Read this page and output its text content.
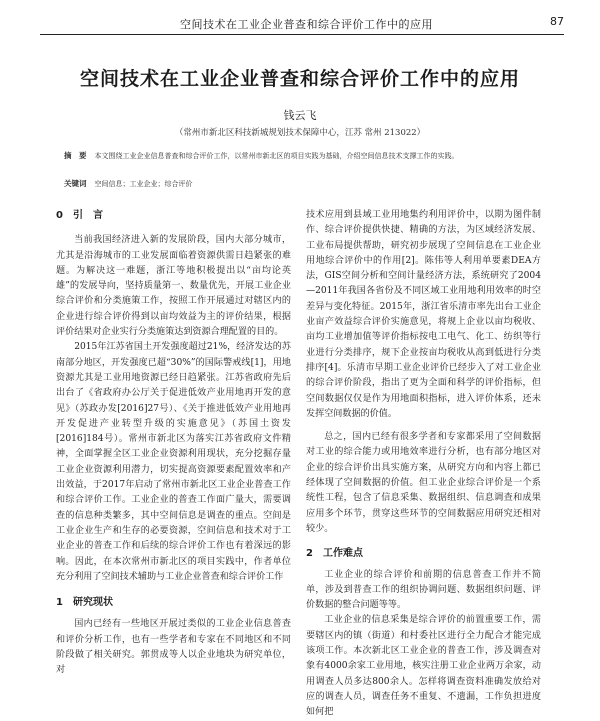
空间技术在工业企业普查和综合评价工作中的应用	87
空间技术在工业企业普查和综合评价工作中的应用
钱云飞
（常州市新北区科技新城规划技术保障中心，江苏 常州 213022）
摘　要 本文围绕工业企业信息普查和综合评价工作，以常州市新北区的项目实践为基础，介绍空间信息技术支撑工作的实践。
关键词 空间信息；工业企业；综合评价
0　引　言

当前我国经济进入新的发展阶段，国内大部分城市，尤其是沿海城市的工业发展面临着资源供需日趋紧张的难题。为解决这一难题，浙江等地积极提出以“亩均论英雄”的发展导向，坚持质量第一、数量优先，开展工业企业综合评价和分类施策工作，按照工作开展通过对辖区内的企业进行综合评价得到以亩均效益为主的评价结果，根据评价结果对企业实行分类施策达到资源合理配置的目的。

2015年江苏省国土开发强度超过21%，经济发达的苏南部分地区，开发强度已超“30%”的国际警戒线[1]，用地资源尤其是工业用地资源已经日趋紧张。江苏省政府先后出台了《省政府办公厅关于促进低效产业用地再开发的意见》（苏政办发[2016]27号）、《关于推进低效产业用地再开发促进产业转型升级的实施意见》（苏国土资发[2016]184号）。常州市新北区为落实江苏省政府文件精神，全面掌握全区工业企业资源利用现状，充分挖掘存量工业企业资源利用潜力，切实提高资源要素配置效率和产出效益，于2017年启动了常州市新北区工业企业普查工作和综合评价工作。工业企业的普查工作面广量大，需要调查的信息种类繁多，其中空间信息是调查的重点。空间是工业企业生产和生存的必要资源，空间信息和技术对于工业企业的普查工作和后续的综合评价工作也有着深远的影响。因此，在本次常州市新北区的项目实践中，作者单位充分利用了空间技术辅助与工业企业普查和综合评价工作

1　研究现状

国内已经有一些地区开展过类似的工业企业信息普查和评价分析工作，也有一些学者和专家在不同地区和不同阶段做了相关研究。郭贯成等人以企业地块为研究单位，对

技术应用到县域工业用地集约利用评价中，以期为图件制作、综合评价提供快捷、精确的方法，为区域经济发展、工业布局提供帮助，研究初步展现了空间信息在工业企业用地综合评价中的作用[2]。陈伟等人利用单要素DEA方法，GIS空间分析和空间计量经济方法，系统研究了2004—2011年我国各省份及不同区域工业用地利用效率的时空差异与变化特征。2015年，浙江省乐清市率先出台工业企业亩产效益综合评价实施意见，将规上企业以亩均税收、亩均工业增加值等评价指标按电工电气、化工、纺织等行业进行分类排序，规下企业按亩均税收从高到低进行分类排序[4]。乐清市早期工业企业评价已经步入了对工业企业的综合评价阶段，指出了更为全面和科学的评价指标，但空间数据仅仅是作为用地面积指标，进入评价体系，还未发挥空间数据的价值。

总之，国内已经有很多学者和专家都采用了空间数据对工业的综合能力或用地效率进行分析，也有部分地区对企业的综合评价出具实施方案，从研究方向和内容上都已经体现了空间数据的价值。但工业企业综合评价是一个系统性工程，包含了信息采集、数据组织、信息调查和成果应用多个环节，贯穿这些环节的空间数据应用研究还相对较少。

2　工作难点

工业企业的综合评价和前期的信息普查工作并不简单，涉及到普查工作的组织协调问题、数据组织问题、评价数据的整合问题等等。

工业企业的信息采集是综合评价的前置重要工作，需要辖区内的镇（街道）和村委社区进行全力配合才能完成该项工作。本次新北区工业企业的普查工作，涉及调查对象有4000余家工业用地，核实注册工业企业两万余家，动用调查人员多达800余人。怎样将调查资料准确发放给对应的调查人员，调查任务不重复、不遗漏，工作负担进度如何把
